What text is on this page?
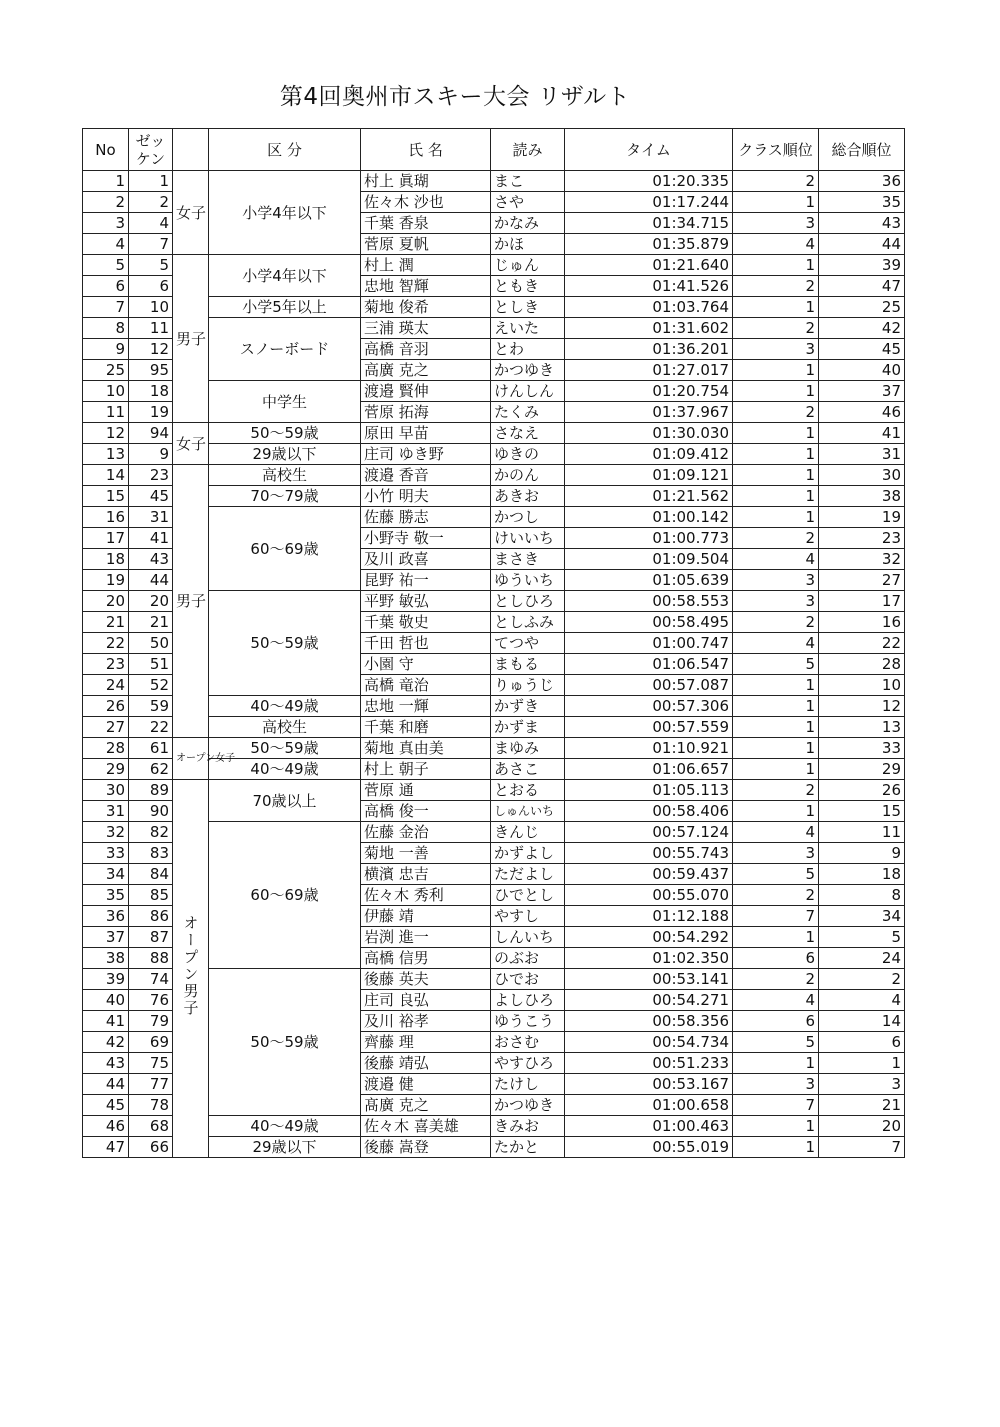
第4回奥州市スキー大会 リザルト
No	ゼッケン		区 分	氏 名	読み	タイム	クラス順位	総合順位
1	1	女子	小学4年以下	村上 眞瑚	まこ	01:20.335	2	36
2	2			佐々木 沙也	さや	01:17.244	1	35
3	4			千葉 香泉	かなみ	01:34.715	3	43
4	7			菅原 夏帆	かほ	01:35.879	4	44
5	5	男子	小学4年以下	村上 潤	じゅん	01:21.640	1	39
6	6			忠地 智輝	ともき	01:41.526	2	47
7	10		小学5年以上	菊地 俊希	としき	01:03.764	1	25
8	11		スノーボード	三浦 瑛太	えいた	01:31.602	2	42
9	12			高橋 音羽	とわ	01:36.201	3	45
25	95			高廣 克之	かつゆき	01:27.017	1	40
10	18		中学生	渡邉 賢伸	けんしん	01:20.754	1	37
11	19			菅原 拓海	たくみ	01:37.967	2	46
12	94	女子	50〜59歳	原田 早苗	さなえ	01:30.030	1	41
13	9		29歳以下	庄司 ゆき野	ゆきの	01:09.412	1	31
14	23	男子	高校生	渡邉 香音	かのん	01:09.121	1	30
15	45		70〜79歳	小竹 明夫	あきお	01:21.562	1	38
16	31		60〜69歳	佐藤 勝志	かつし	01:00.142	1	19
17	41			小野寺 敬一	けいいち	01:00.773	2	23
18	43			及川 政喜	まさき	01:09.504	4	32
19	44			昆野 祐一	ゆういち	01:05.639	3	27
20	20		50〜59歳	平野 敏弘	としひろ	00:58.553	3	17
21	21			千葉 敬史	としふみ	00:58.495	2	16
22	50			千田 哲也	てつや	01:00.747	4	22
23	51			小園 守	まもる	01:06.547	5	28
24	52			高橋 竜治	りゅうじ	00:57.087	1	10
26	59		40〜49歳	忠地 一輝	かずき	00:57.306	1	12
27	22		高校生	千葉 和磨	かずま	00:57.559	1	13
28	61	オープン女子	50〜59歳	菊地 真由美	まゆみ	01:10.921	1	33
29	62		40〜49歳	村上 朝子	あさこ	01:06.657	1	29
30	89	オープン男子	70歳以上	菅原 通	とおる	01:05.113	2	26
31	90			高橋 俊一	しゅんいち	00:58.406	1	15
32	82		60〜69歳	佐藤 金治	きんじ	00:57.124	4	11
33	83			菊地 一善	かずよし	00:55.743	3	9
34	84			横濱 忠吉	ただよし	00:59.437	5	18
35	85			佐々木 秀利	ひでとし	00:55.070	2	8
36	86			伊藤 靖	やすし	01:12.188	7	34
37	87			岩渕 進一	しんいち	00:54.292	1	5
38	88			高橋 信男	のぶお	01:02.350	6	24
39	74		50〜59歳	後藤 英夫	ひでお	00:53.141	2	2
40	76			庄司 良弘	よしひろ	00:54.271	4	4
41	79			及川 裕孝	ゆうこう	00:58.356	6	14
42	69			齊藤 理	おさむ	00:54.734	5	6
43	75			後藤 靖弘	やすひろ	00:51.233	1	1
44	77			渡邉 健	たけし	00:53.167	3	3
45	78			髙廣 克之	かつゆき	01:00.658	7	21
46	68		40〜49歳	佐々木 喜美雄	きみお	01:00.463	1	20
47	66		29歳以下	後藤 嵩登	たかと	00:55.019	1	7
